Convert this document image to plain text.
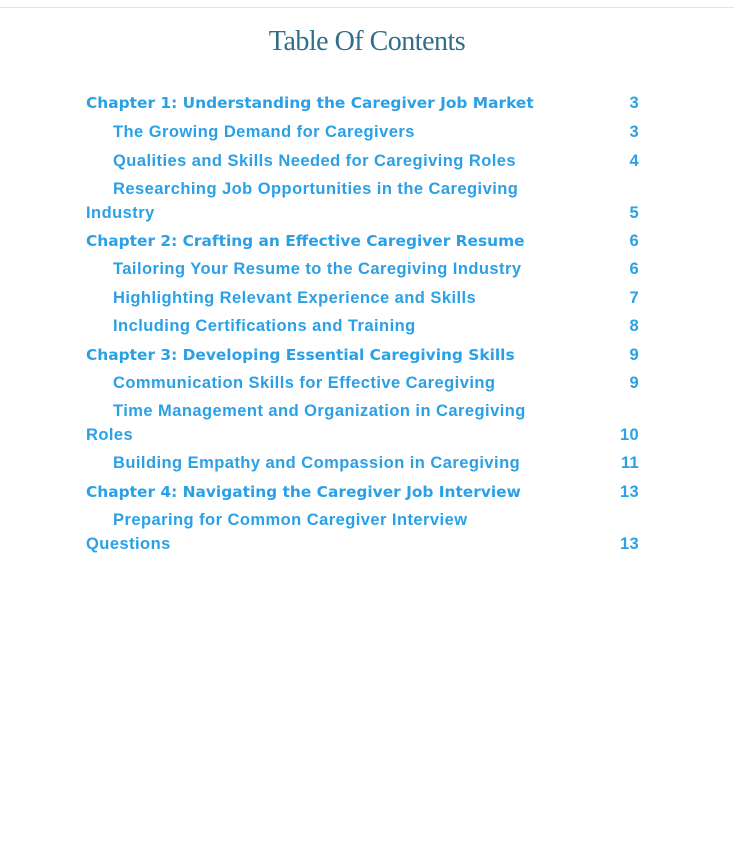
Table Of Contents
Chapter 1: Understanding the Caregiver Job Market	3
The Growing Demand for Caregivers	3
Qualities and Skills Needed for Caregiving Roles	4
Researching Job Opportunities in the Caregiving Industry	5
Chapter 2: Crafting an Effective Caregiver Resume	6
Tailoring Your Resume to the Caregiving Industry	6
Highlighting Relevant Experience and Skills	7
Including Certifications and Training	8
Chapter 3: Developing Essential Caregiving Skills	9
Communication Skills for Effective Caregiving	9
Time Management and Organization in Caregiving Roles	10
Building Empathy and Compassion in Caregiving	11
Chapter 4: Navigating the Caregiver Job Interview	13
Preparing for Common Caregiver Interview Questions	13
